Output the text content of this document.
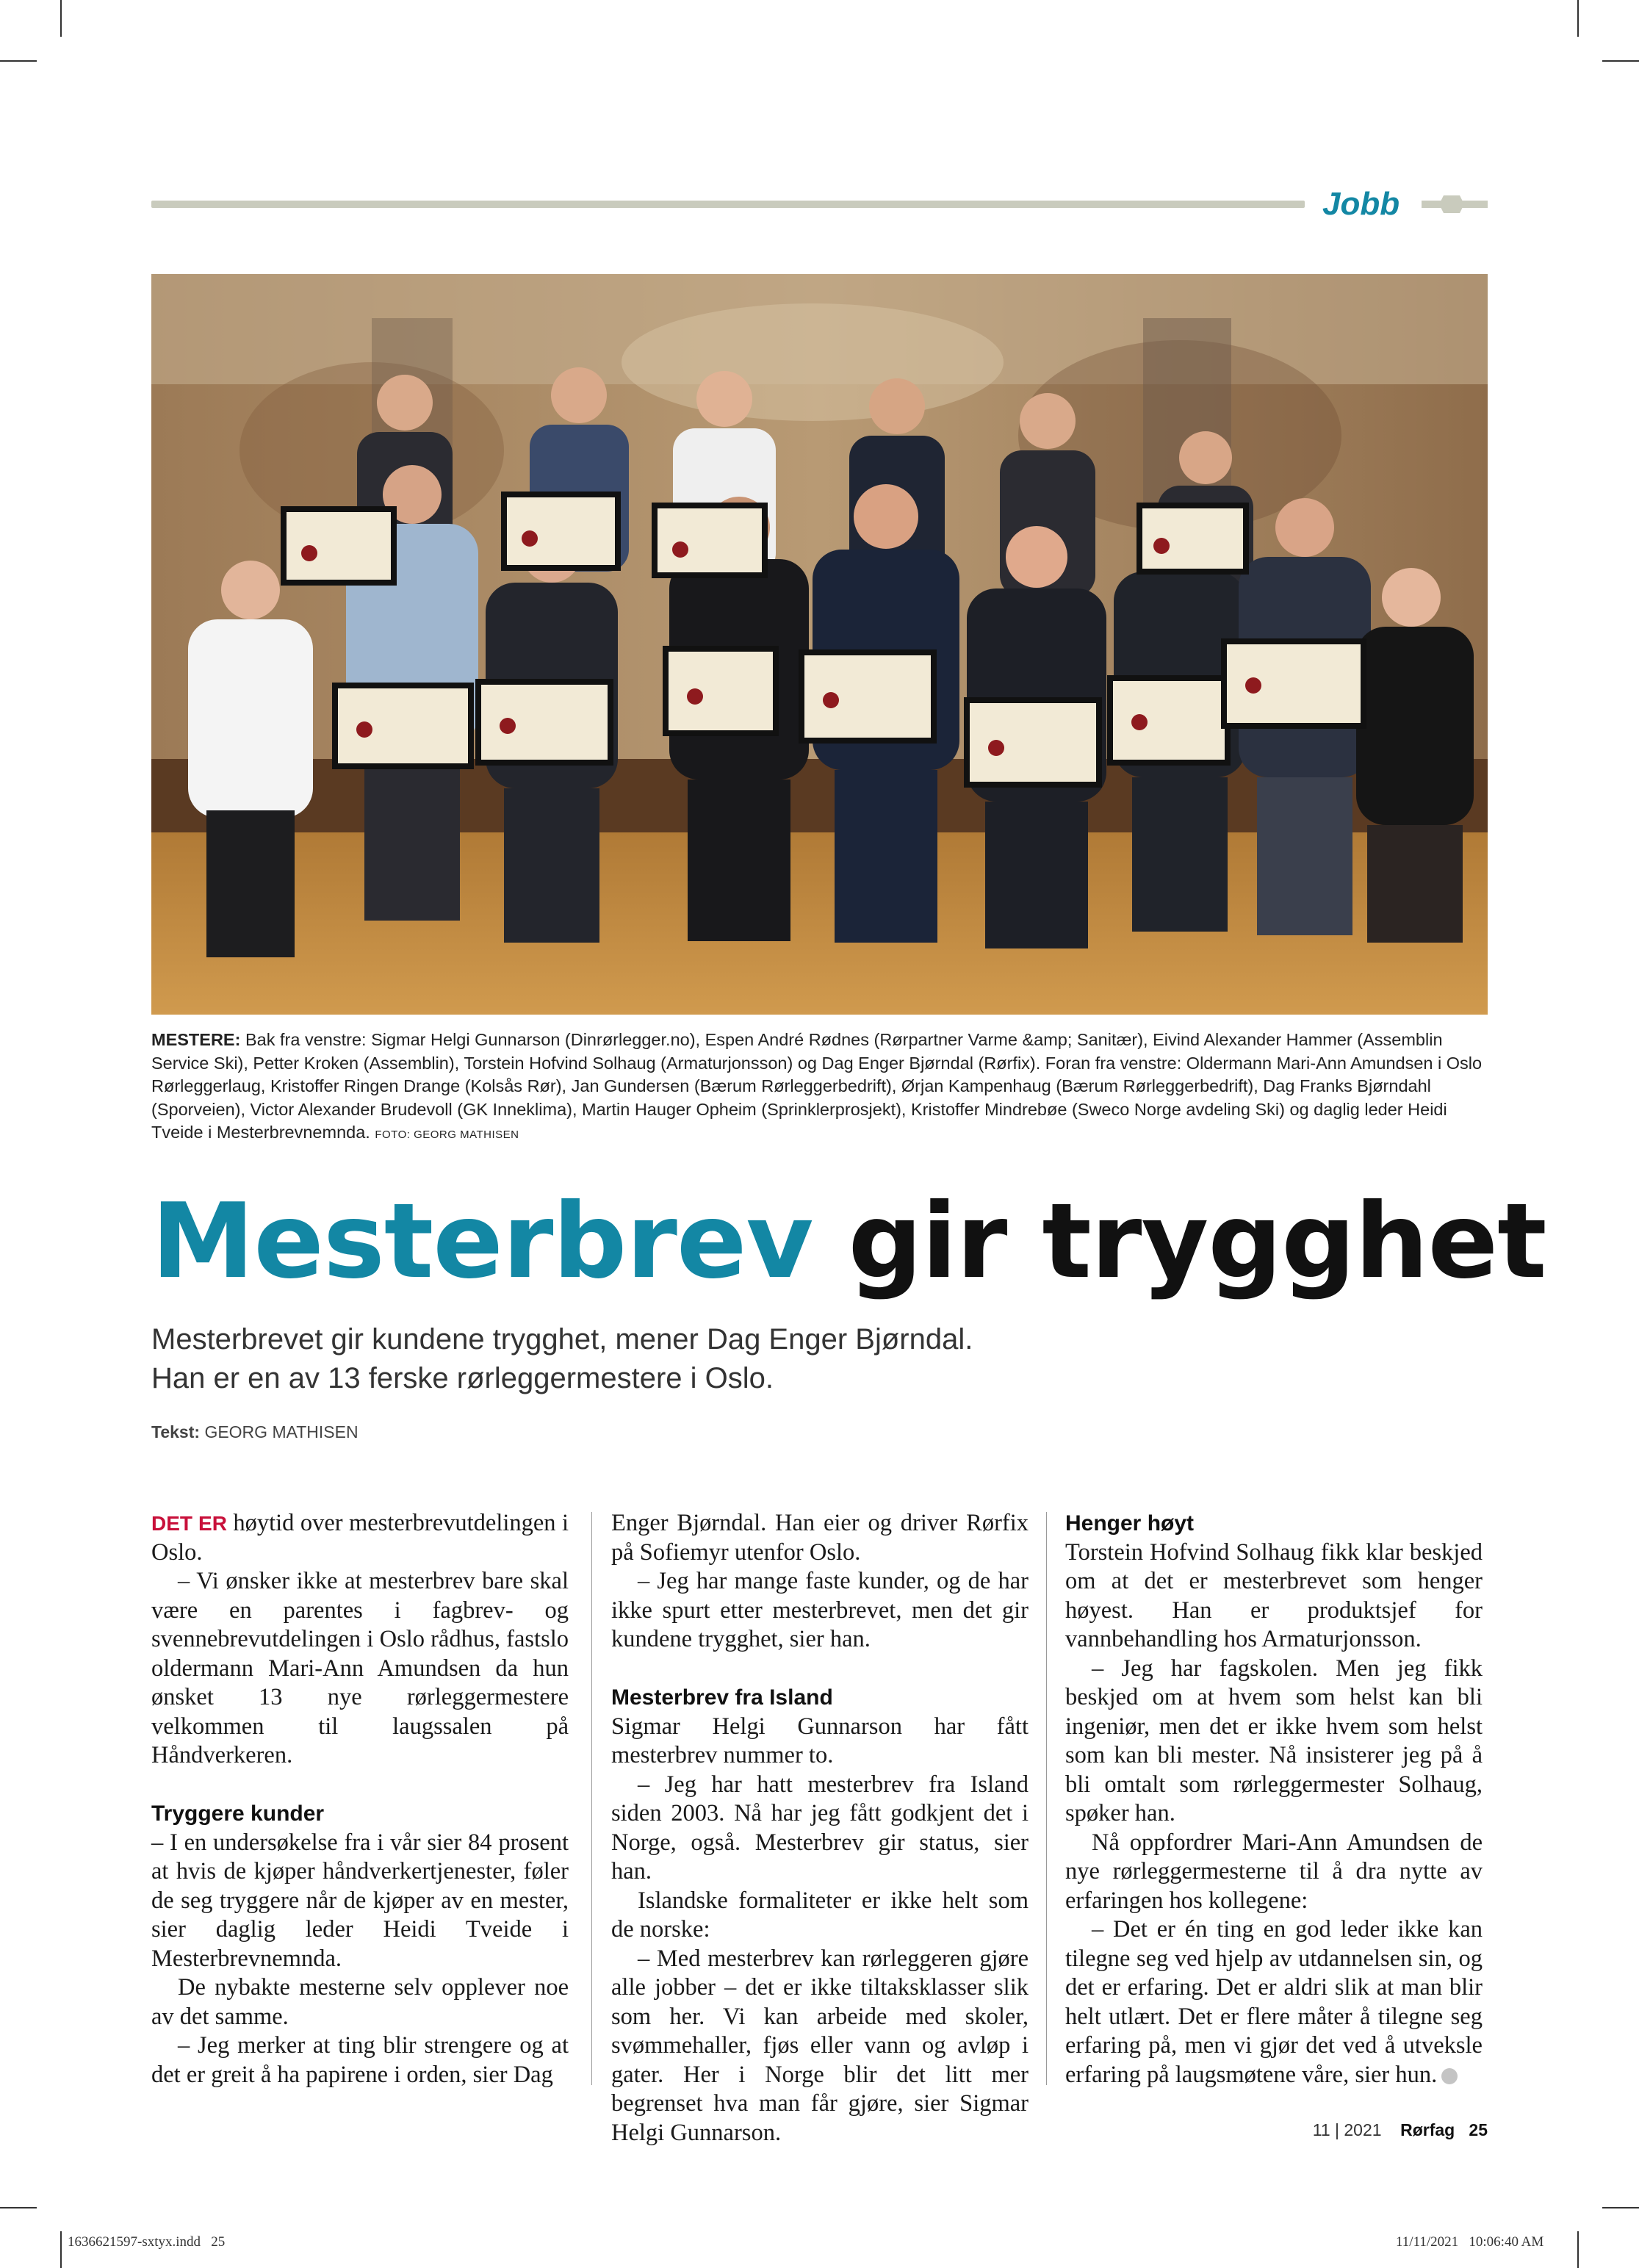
Jobb
MESTERE: Bak fra venstre: Sigmar Helgi Gunnarson (Dinrørlegger.no), Espen André Rødnes (Rørpartner Varme &amp; Sanitær), Eivind Alexander Hammer (Assemblin Service Ski), Petter Kroken (Assemblin), Torstein Hofvind Solhaug (Armaturjonsson) og Dag Enger Bjørndal (Rørfix). Foran fra venstre: Oldermann Mari-Ann Amundsen i Oslo Rørleggerlaug, Kristoffer Ringen Drange (Kolsås Rør), Jan Gundersen (Bærum Rørleggerbedrift), Ørjan Kampenhaug (Bærum Rørleggerbedrift), Dag Franks Bjørndahl (Sporveien), Victor Alexander Brudevoll (GK Inneklima), Martin Hauger Opheim (Sprinklerprosjekt), Kristoffer Mindrebøe (Sweco Norge avdeling Ski) og daglig leder Heidi Tveide i Mesterbrevnemnda. FOTO: GEORG MATHISEN
Mesterbrev gir trygghet
Mesterbrevet gir kundene trygghet, mener Dag Enger Bjørndal.
Han er en av 13 ferske rørleggermestere i Oslo.
Tekst: GEORG MATHISEN

DET ER høytid over mesterbrevutdelingen i Oslo.

– Vi ønsker ikke at mesterbrev bare skal være en parentes i fagbrev- og svennebrevutdelingen i Oslo rådhus, fastslo oldermann Mari-Ann Amundsen da hun ønsket 13 nye rørleggermestere velkommen til laugssalen på Håndverkeren.

Tryggere kunder

– I en undersøkelse fra i vår sier 84 prosent at hvis de kjøper håndverkertjenester, føler de seg tryggere når de kjøper av en mester, sier daglig leder Heidi Tveide i Mesterbrevnemnda.

De nybakte mesterne selv opplever noe av det samme.

– Jeg merker at ting blir strengere og at det er greit å ha papirene i orden, sier Dag

Enger Bjørndal. Han eier og driver Rørfix på Sofiemyr utenfor Oslo.

– Jeg har mange faste kunder, og de har ikke spurt etter mesterbrevet, men det gir kundene trygghet, sier han.

Mesterbrev fra Island

Sigmar Helgi Gunnarson har fått mesterbrev nummer to.

– Jeg har hatt mesterbrev fra Island siden 2003. Nå har jeg fått godkjent det i Norge, også. Mesterbrev gir status, sier han.

Islandske formaliteter er ikke helt som de norske:

– Med mesterbrev kan rørleggeren gjøre alle jobber – det er ikke tiltaksklasser slik som her. Vi kan arbeide med skoler, svømmehaller, fjøs eller vann og avløp i gater. Her i Norge blir det litt mer begrenset hva man får gjøre, sier Sigmar Helgi Gunnarson.

Henger høyt

Torstein Hofvind Solhaug fikk klar beskjed om at det er mesterbrevet som henger høyest. Han er produktsjef for vannbehandling hos Armaturjonsson.

– Jeg har fagskolen. Men jeg fikk beskjed om at hvem som helst kan bli ingeniør, men det er ikke hvem som helst som kan bli mester. Nå insisterer jeg på å bli omtalt som rørleggermester Solhaug, spøker han.

Nå oppfordrer Mari-Ann Amundsen de nye rørleggermesterne til å dra nytte av erfaringen hos kollegene:

– Det er én ting en god leder ikke kan tilegne seg ved hjelp av utdannelsen sin, og det er erfaring. Det er aldri slik at man blir helt utlært. Det er flere måter å tilegne seg erfaring på, men vi gjør det ved å utveksle erfaring på laugsmøtene våre, sier hun.

11 | 2021 Rørfag 25
1636621597-sxtyx.indd   25	11/11/2021   10:06:40 AM
